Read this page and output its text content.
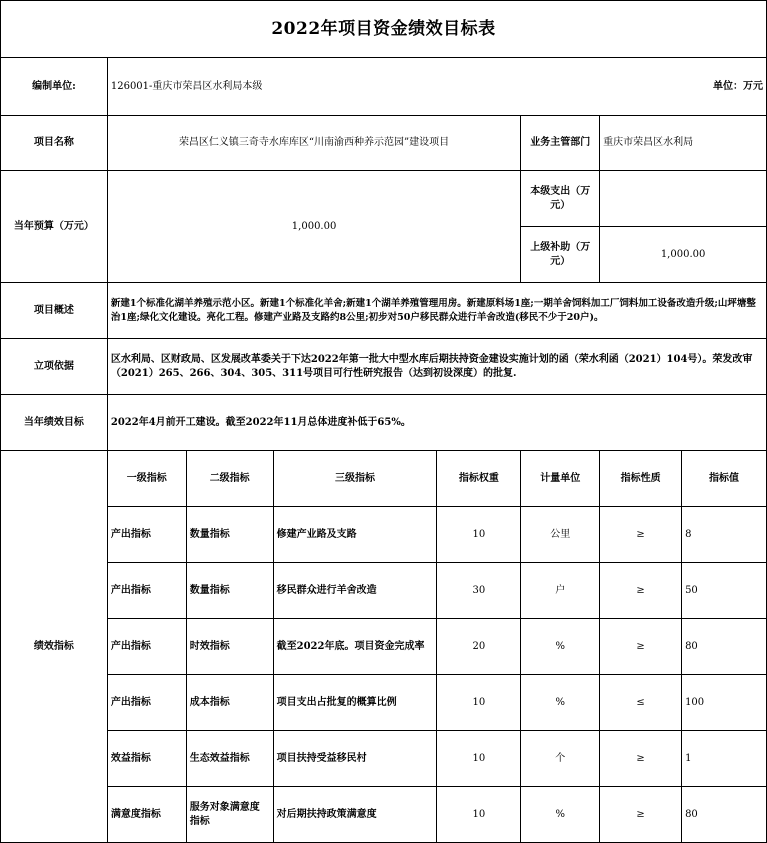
2022年项目资金绩效目标表							
编制单位:	126001-重庆市荣昌区水利局本级						单位：万元
项目名称	荣昌区仁义镇三奇寺水库库区“川南渝西种养示范园”建设项目				业务主管部门	重庆市荣昌区水利局	
当年预算（万元）	1,000.00				本级支出（万元）		
					上级补助（万元）	1,000.00	
项目概述	新建1个标准化湖羊养殖示范小区。新建1个标准化羊舍;新建1个湖羊养殖管理用房。新建原料场1座;一期羊舍饲料加工厂饲料加工设备改造升级;山坪塘整治1座;绿化文化建设。亮化工程。修建产业路及支路约8公里;初步对50户移民群众进行羊舍改造(移民不少于20户)。						
立项依据	区水利局、区财政局、区发展改革委关于下达2022年第一批大中型水库后期扶持资金建设实施计划的函（荣水利函（2021）104号）。荣发改审（2021）265、266、304、305、311号项目可行性研究报告（达到初设深度）的批复.						
当年绩效目标	2022年4月前开工建设。截至2022年11月总体进度补低于65%。						
绩效指标	一级指标	二级指标	三级指标	指标权重	计量单位	指标性质	指标值
	产出指标	数量指标	修建产业路及支路	10	公里	≥	8
	产出指标	数量指标	移民群众进行羊舍改造	30	户	≥	50
	产出指标	时效指标	截至2022年底。项目资金完成率	20	%	≥	80
	产出指标	成本指标	项目支出占批复的概算比例	10	%	≤	100
	效益指标	生态效益指标	项目扶持受益移民村	10	个	≥	1
	满意度指标	服务对象满意度指标	对后期扶持政策满意度	10	%	≥	80
